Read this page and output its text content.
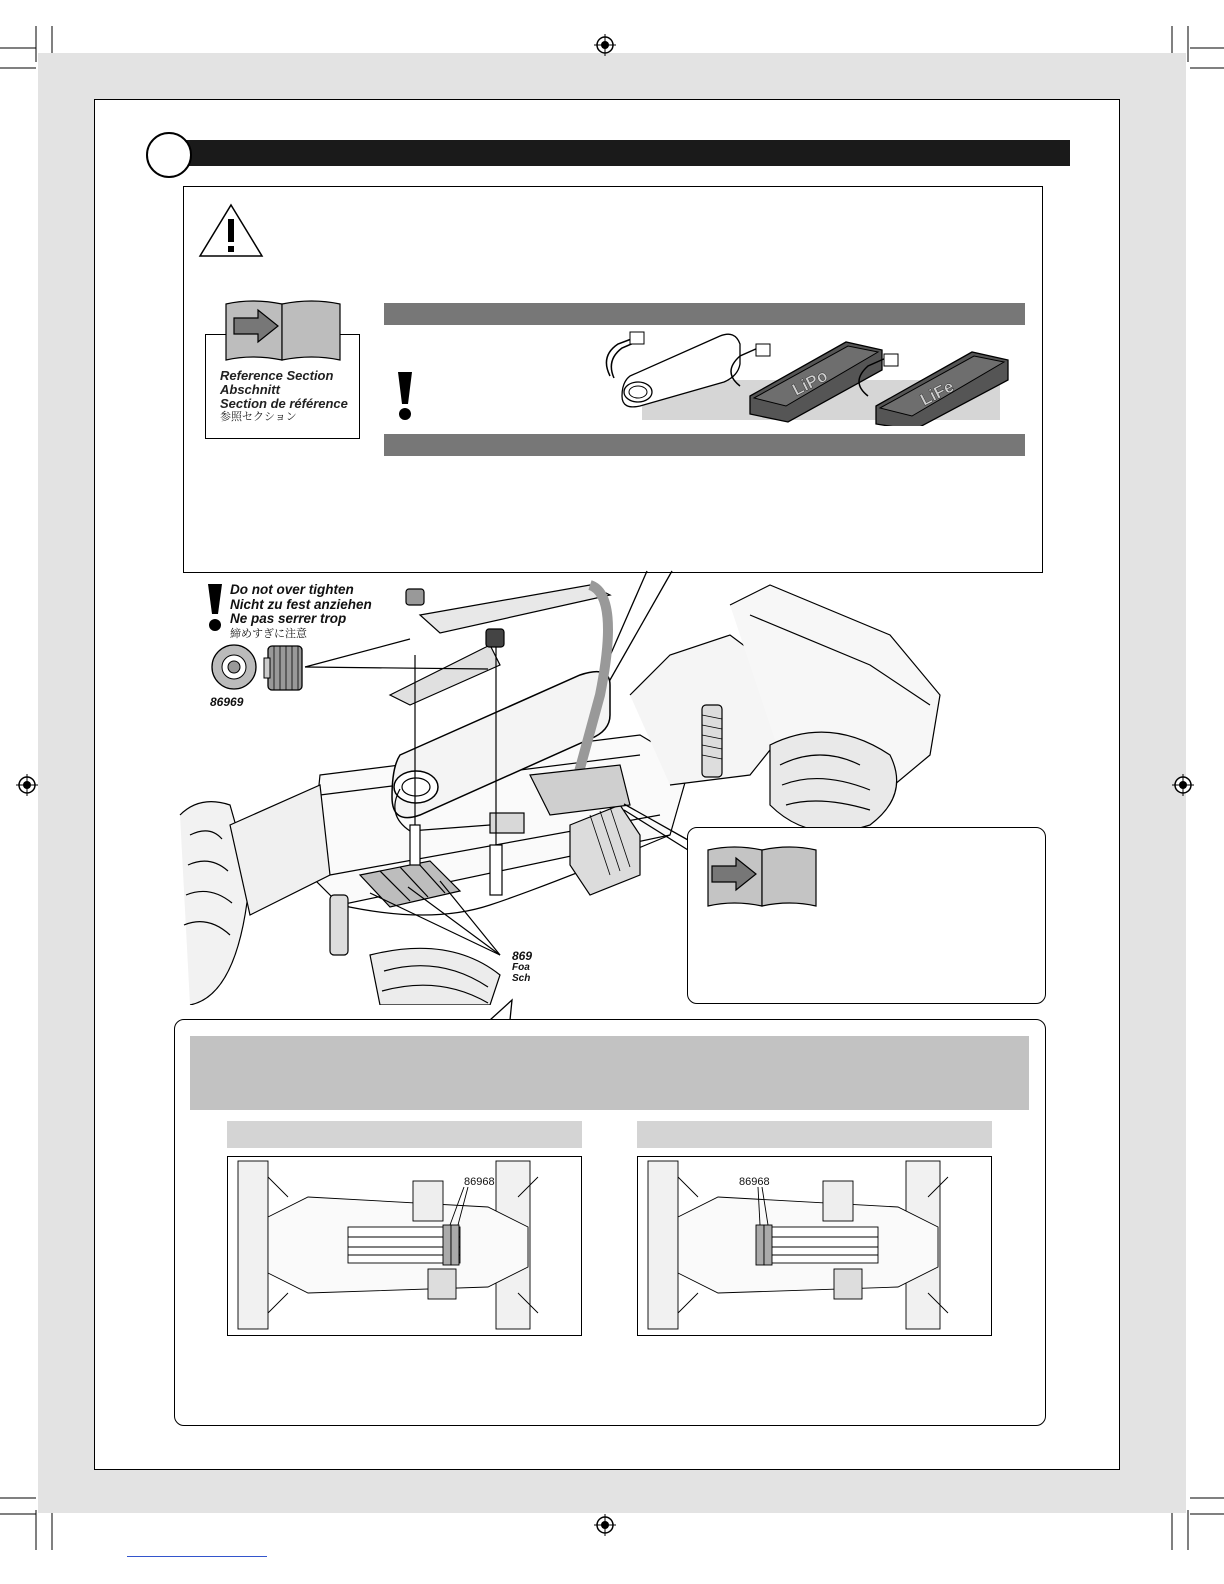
Reference Section
Abschnitt
Section de référence
参照セクション
LiPo	LiFe
Do not over tighten
Nicht zu fest anziehen
Ne pas serrer trop
締めすぎに注意
86969
869
Foa
Sch
86968	86968
